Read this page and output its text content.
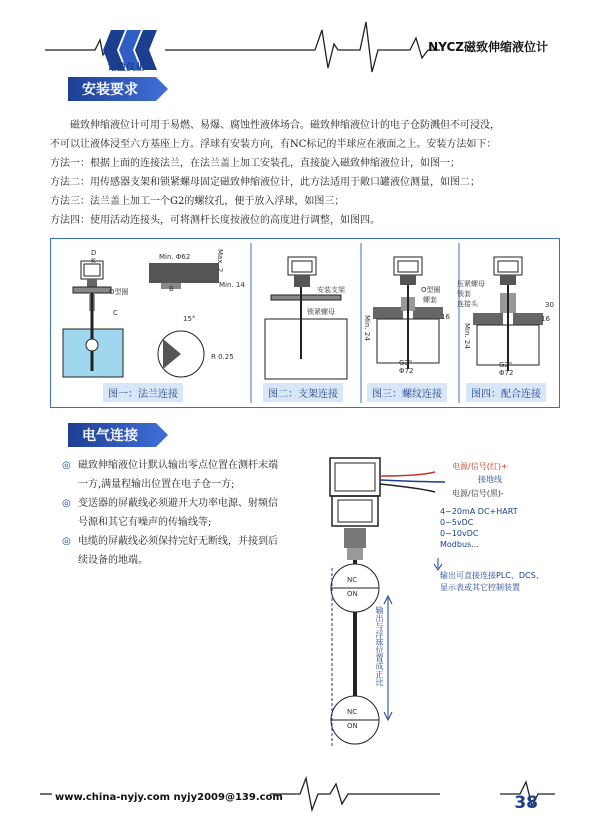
诺盈仪业
NYCZ磁致伸缩液位计
安装要求

磁致伸缩液位计可用于易燃、易爆、腐蚀性液体场合。磁致伸缩液位计的电子仓防溅但不可浸没，

不可以让液体浸至六方基座上方。浮球有安装方向，有NC标记的半球应在液面之上。安装方法如下：

方法一：根据上面的连接法兰，在法兰盖上加工安装孔，直接旋入磁致伸缩液位计，如图一；

方法二：用传感器支架和锁紧螺母固定磁致伸缩液位计，此方法适用于敞口罐液位测量，如图二；

方法三：法兰盖上加工一个G2的螺纹孔，便于放入浮球，如图三；

方法四：使用活动连接头，可将测杆长度按液位的高度进行调整，如图四。

D
K	Min. Φ62	Max. 2
B
O型圈
Min. 14
15°
R 0.25
C
安装支架
锁紧螺母
O型圈
螺套
Min. 24	16
G2"
Φ72
压紧螺母
锁套
连接头
Min. 24
16
30
G2"
Φ72
图一：法兰连接	图二：支架连接	图三：螺纹连接	图四：配合连接
电气连接
◎ 磁致伸缩液位计默认输出零点位置在测杆末端
一方,满量程输出位置在电子仓一方;
◎ 变送器的屏蔽线必须避开大功率电源、射频信
号源和其它有噪声的传输线等;
◎ 电缆的屏蔽线必须保持完好无断线，并接到后
续设备的地端。
电源/信号(红)+
接地线
电源/信号(黑)-
4~20mA DC+HART
0~5vDC
0~10vDC
Modbus...
输出可直接连接PLC、DCS、
显示表或其它控制装置
NC
ON
NC
ON
输出与浮球位置成正比
www.china-nyjy.com nyjy2009@139.com	38
